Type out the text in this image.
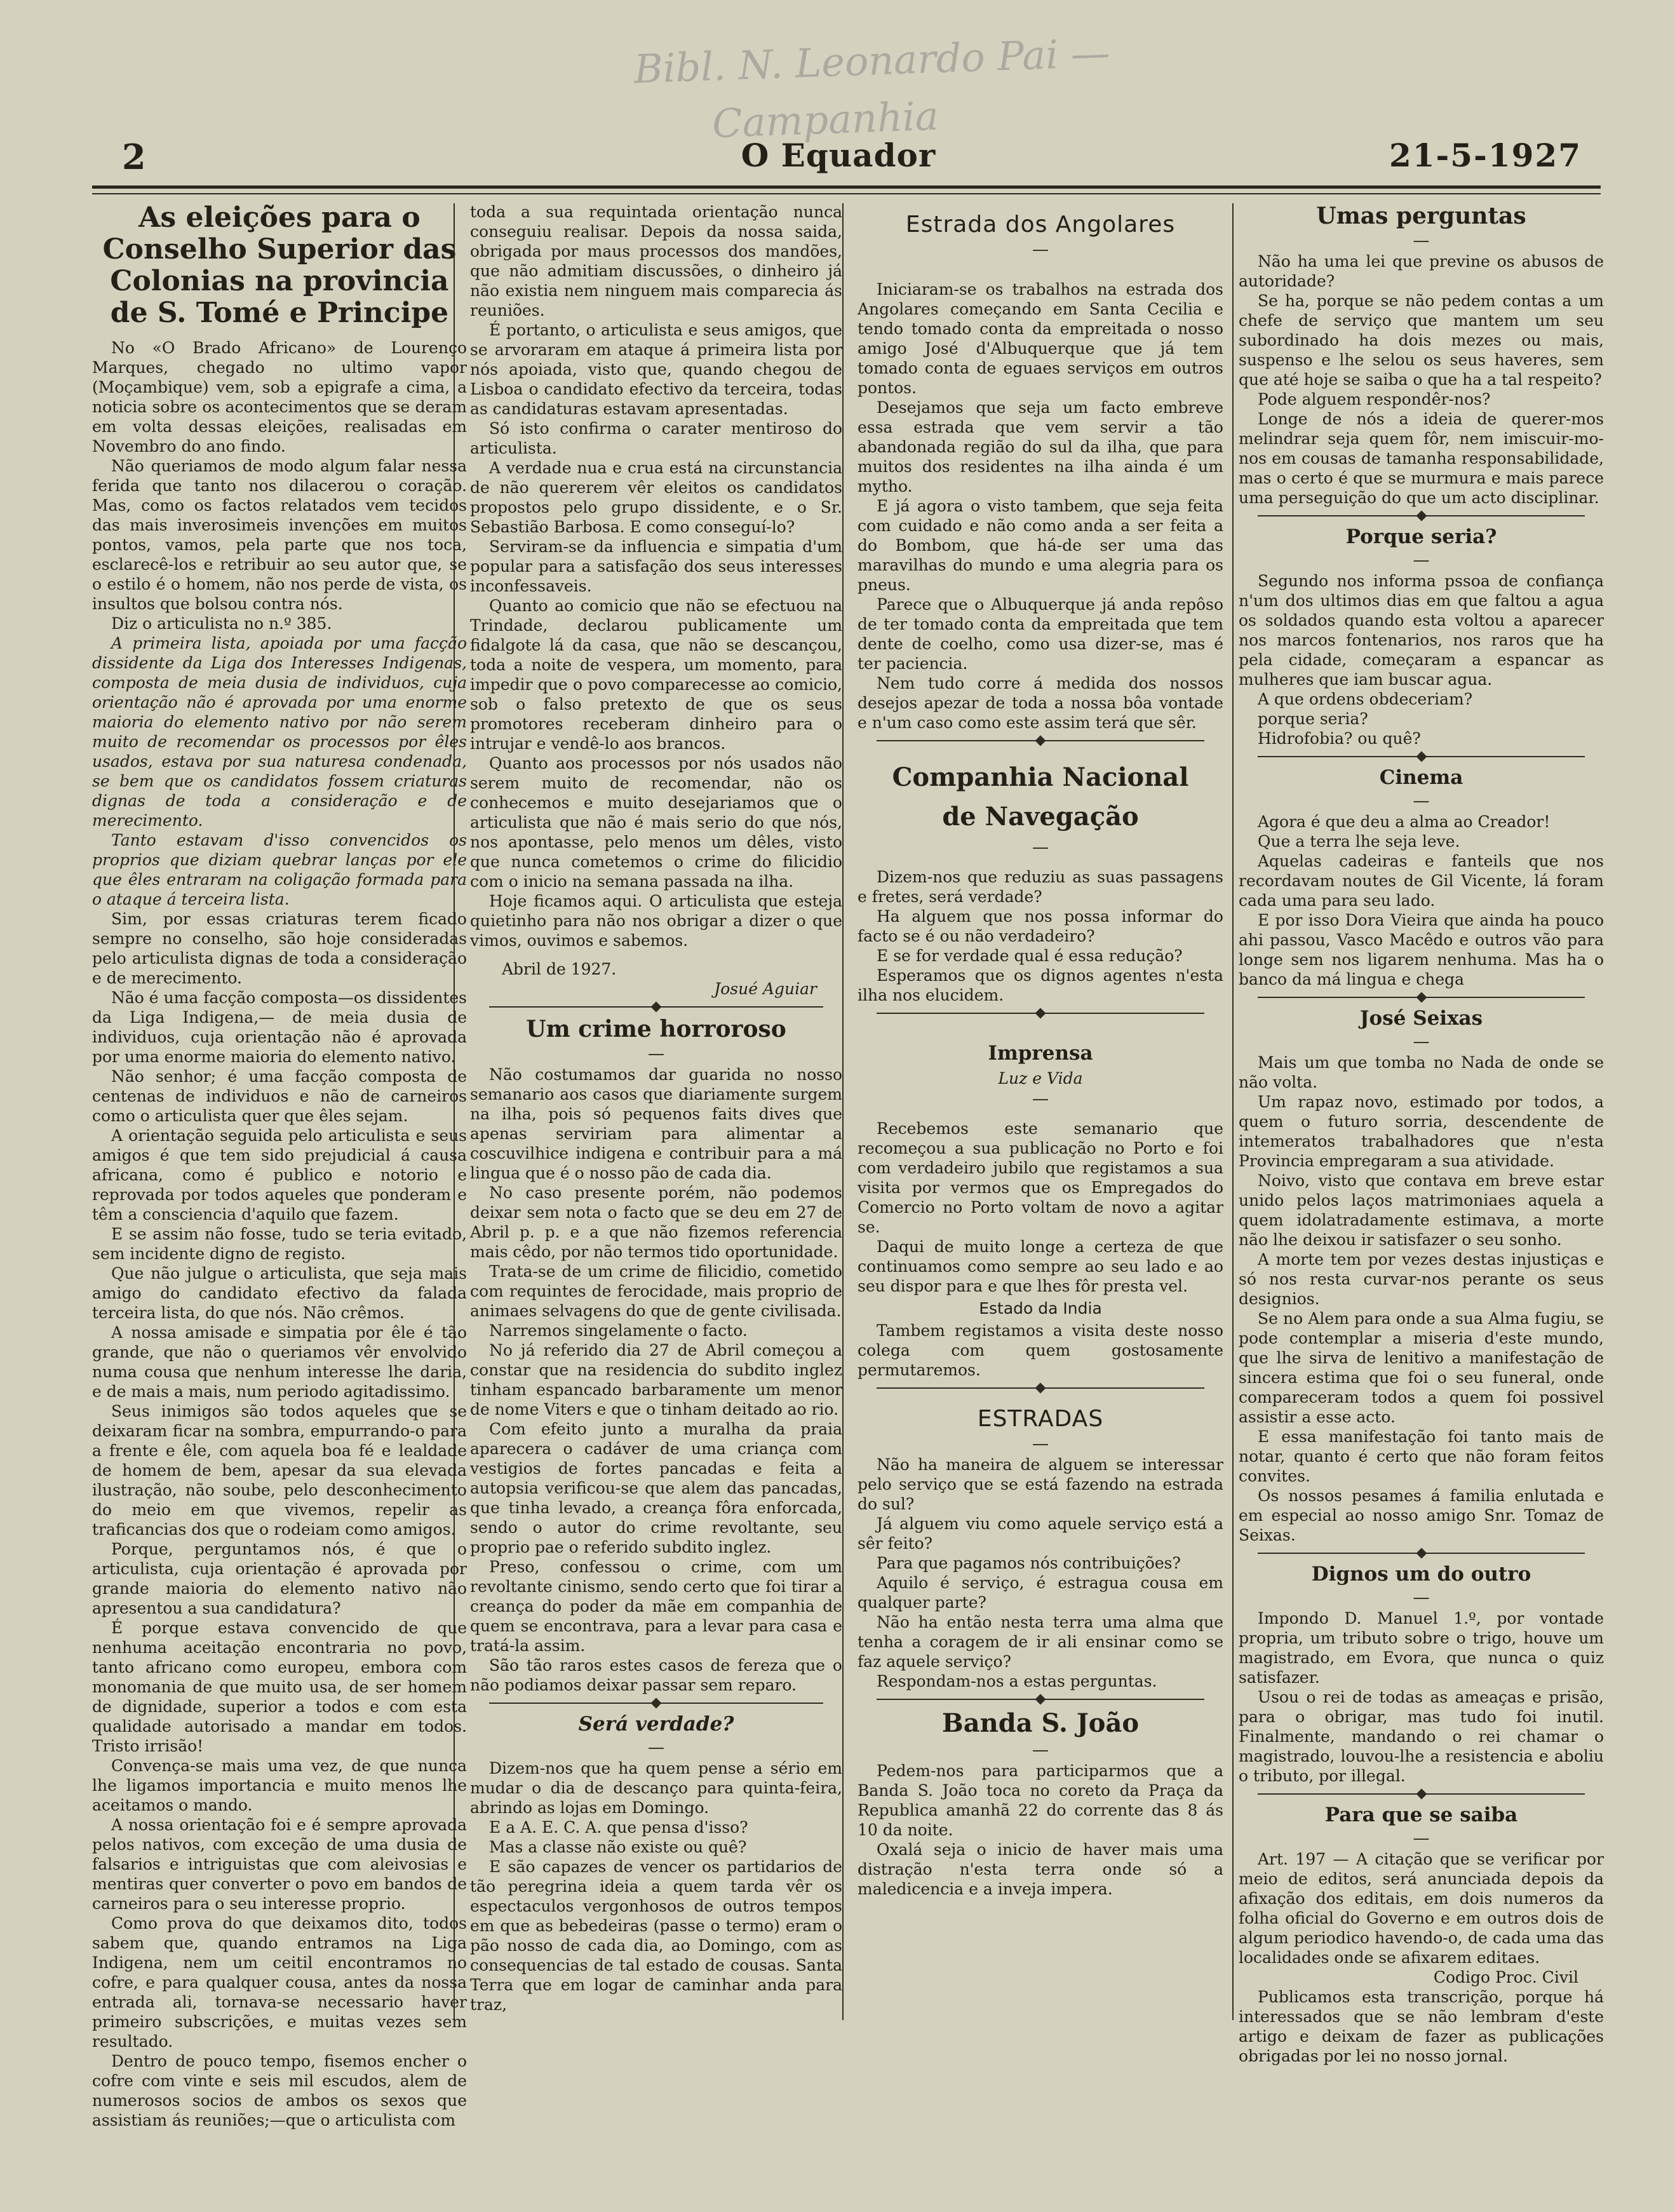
Bibl. N. Leonardo Pai —
Campanhia
2	O Equador	21-5-1927
As eleições para o Conselho Superior das Colonias na provincia de S. Tomé e Principe

No «O Brado Africano» de Lourenço Marques, chegado no ultimo vapor (Moçambique) vem, sob a epigrafe a cima, a noticia sobre os acontecimentos que se deram em volta dessas eleições, realisadas em Novembro do ano findo.

Não queriamos de modo algum falar nessa ferida que tanto nos dilacerou o coração. Mas, como os factos relatados vem tecidos das mais inverosimeis invenções em muitos pontos, vamos, pela parte que nos toca, esclarecê-los e retribuir ao seu autor que, se o estilo é o homem, não nos perde de vista, os insultos que bolsou contra nós.

Diz o articulista no n.º 385.

A primeira lista, apoiada por uma facção dissidente da Liga dos Interesses Indigenas, composta de meia dusia de individuos, cuja orientação não é aprovada por uma enorme maioria do elemento nativo por não serem muito de recomendar os processos por êles usados, estava por sua naturesa condenada, se bem que os candidatos fossem criaturas dignas de toda a consideração e de merecimento.

Tanto estavam d'isso convencidos os proprios que diziam quebrar lanças por ele que êles entraram na coligação formada para o ataque á terceira lista.

Sim, por essas criaturas terem ficado sempre no conselho, são hoje consideradas pelo articulista dignas de toda a consideração e de merecimento.

Não é uma facção composta—os dissidentes da Liga Indigena,— de meia dusia de individuos, cuja orientação não é aprovada por uma enorme maioria do elemento nativo.

Não senhor; é uma facção composta de centenas de individuos e não de carneiros como o articulista quer que êles sejam.

A orientação seguida pelo articulista e seus amigos é que tem sido prejudicial á causa africana, como é publico e notorio e reprovada por todos aqueles que ponderam e têm a consciencia d'aquilo que fazem.

E se assim não fosse, tudo se teria evitado, sem incidente digno de registo.

Que não julgue o articulista, que seja mais amigo do candidato efectivo da falada terceira lista, do que nós. Não crêmos.

A nossa amisade e simpatia por êle é tão grande, que não o queriamos vêr envolvido numa cousa que nenhum interesse lhe daria, e de mais a mais, num periodo agitadissimo.

Seus inimigos são todos aqueles que se deixaram ficar na sombra, empurrando-o para a frente e êle, com aquela boa fé e lealdade de homem de bem, apesar da sua elevada ilustração, não soube, pelo desconhecimento do meio em que vivemos, repelir as traficancias dos que o rodeiam como amigos.

Porque, perguntamos nós, é que o articulista, cuja orientação é aprovada por grande maioria do elemento nativo não apresentou a sua candidatura?

É porque estava convencido de que nenhuma aceitação encontraria no povo, tanto africano como europeu, embora com monomania de que muito usa, de ser homem de dignidade, superior a todos e com esta qualidade autorisado a mandar em todos. Tristo irrisão!

Convença-se mais uma vez, de que nunca lhe ligamos importancia e muito menos lhe aceitamos o mando.

A nossa orientação foi e é sempre aprovada pelos nativos, com exceção de uma dusia de falsarios e intriguistas que com aleivosias e mentiras quer converter o povo em bandos de carneiros para o seu interesse proprio.

Como prova do que deixamos dito, todos sabem que, quando entramos na Liga Indigena, nem um ceitil encontramos no cofre, e para qualquer cousa, antes da nossa entrada ali, tornava-se necessario haver primeiro subscrições, e muitas vezes sem resultado.

Dentro de pouco tempo, fisemos encher o cofre com vinte e seis mil escudos, alem de numerosos socios de ambos os sexos que assistiam ás reuniões;—que o articulista com

toda a sua requintada orientação nunca conseguiu realisar. Depois da nossa saida, obrigada por maus processos dos mandões, que não admitiam discussões, o dinheiro já não existia nem ninguem mais comparecia ás reuniões.

É portanto, o articulista e seus amigos, que se arvoraram em ataque á primeira lista por nós apoiada, visto que, quando chegou de Lisboa o candidato efectivo da terceira, todas as candidaturas estavam apresentadas.

Só isto confirma o carater mentiroso do articulista.

A verdade nua e crua está na circunstancia de não quererem vêr eleitos os candidatos propostos pelo grupo dissidente, e o Sr. Sebastião Barbosa. E como conseguí-lo?

Serviram-se da influencia e simpatia d'um popular para a satisfação dos seus interesses inconfessaveis.

Quanto ao comicio que não se efectuou na Trindade, declarou publicamente um fidalgote lá da casa, que não se descançou, toda a noite de vespera, um momento, para impedir que o povo comparecesse ao comicio, sob o falso pretexto de que os seus promotores receberam dinheiro para o intrujar e vendê-lo aos brancos.

Quanto aos processos por nós usados não serem muito de recomendar, não os conhecemos e muito desejariamos que o articulista que não é mais serio do que nós, nos apontasse, pelo menos um dêles, visto que nunca cometemos o crime do filicidio com o inicio na semana passada na ilha.

Hoje ficamos aqui. O articulista que esteja quietinho para não nos obrigar a dizer o que vimos, ouvimos e sabemos.

Abril de 1927.
Josué Aguiar
Um crime horroroso
—

Não costumamos dar guarida no nosso semanario aos casos que diariamente surgem na ilha, pois só pequenos faits dives que apenas serviriam para alimentar a coscuvilhice indigena e contribuir para a má lingua que é o nosso pão de cada dia.

No caso presente porém, não podemos deixar sem nota o facto que se deu em 27 de Abril p. p. e a que não fizemos referencia mais cêdo, por não termos tido oportunidade.

Trata-se de um crime de filicidio, cometido com requintes de ferocidade, mais proprio de animaes selvagens do que de gente civilisada.

Narremos singelamente o facto.

No já referido dia 27 de Abril começou a constar que na residencia do subdito inglez tinham espancado barbaramente um menor de nome Viters e que o tinham deitado ao rio.

Com efeito junto a muralha da praia aparecera o cadáver de uma criança com vestigios de fortes pancadas e feita a autopsia verificou-se que alem das pancadas, que tinha levado, a creança fôra enforcada, sendo o autor do crime revoltante, seu proprio pae o referido subdito inglez.

Preso, confessou o crime, com um revoltante cinismo, sendo certo que foi tirar a creança do poder da mãe em companhia de quem se encontrava, para a levar para casa e tratá-la assim.

São tão raros estes casos de fereza que o não podiamos deixar passar sem reparo.

Será verdade?
—

Dizem-nos que ha quem pense a sério em mudar o dia de descanço para quinta-feira, abrindo as lojas em Domingo.

E a A. E. C. A. que pensa d'isso?

Mas a classe não existe ou quê?

E são capazes de vencer os partidarios de tão peregrina ideia a quem tarda vêr os espectaculos vergonhosos de outros tempos em que as bebedeiras (passe o termo) eram o pão nosso de cada dia, ao Domingo, com as consequencias de tal estado de cousas. Santa Terra que em logar de caminhar anda para traz,

Estrada dos Angolares
—

Iniciaram-se os trabalhos na estrada dos Angolares começando em Santa Cecilia e tendo tomado conta da empreitada o nosso amigo José d'Albuquerque que já tem tomado conta de eguaes serviços em outros pontos.

Desejamos que seja um facto embreve essa estrada que vem servir a tão abandonada região do sul da ilha, que para muitos dos residentes na ilha ainda é um mytho.

E já agora o visto tambem, que seja feita com cuidado e não como anda a ser feita a do Bombom, que há-de ser uma das maravilhas do mundo e uma alegria para os pneus.

Parece que o Albuquerque já anda repôso de ter tomado conta da empreitada que tem dente de coelho, como usa dizer-se, mas é ter paciencia.

Nem tudo corre á medida dos nossos desejos apezar de toda a nossa bôa vontade e n'um caso como este assim terá que sêr.

Companhia Nacional
de Navegação
—

Dizem-nos que reduziu as suas passagens e fretes, será verdade?

Ha alguem que nos possa informar do facto se é ou não verdadeiro?

E se for verdade qual é essa redução?

Esperamos que os dignos agentes n'esta ilha nos elucidem.

Imprensa
Luz e Vida
—

Recebemos este semanario que recomeçou a sua publicação no Porto e foi com verdadeiro jubilo que registamos a sua visita por vermos que os Empregados do Comercio no Porto voltam de novo a agitar se.

Daqui de muito longe a certeza de que continuamos como sempre ao seu lado e ao seu dispor para e que lhes fôr presta vel.

Estado da India

Tambem registamos a visita deste nosso colega com quem gostosamente permutaremos.

ESTRADAS
—

Não ha maneira de alguem se interessar pelo serviço que se está fazendo na estrada do sul?

Já alguem viu como aquele serviço está a sêr feito?

Para que pagamos nós contribuições?

Aquilo é serviço, é estragua cousa em qualquer parte?

Não ha então nesta terra uma alma que tenha a coragem de ir ali ensinar como se faz aquele serviço?

Respondam-nos a estas perguntas.

Banda S. João
—

Pedem-nos para participarmos que a Banda S. João toca no coreto da Praça da Republica amanhã 22 do corrente das 8 ás 10 da noite.

Oxalá seja o inicio de haver mais uma distração n'esta terra onde só a maledicencia e a inveja impera.

Umas perguntas
—

Não ha uma lei que previne os abusos de autoridade?

Se ha, porque se não pedem contas a um chefe de serviço que mantem um seu subordinado ha dois mezes ou mais, suspenso e lhe selou os seus haveres, sem que até hoje se saiba o que ha a tal respeito?

Pode alguem respondêr-nos?

Longe de nós a ideia de querer-mos melindrar seja quem fôr, nem imiscuir-mo-nos em cousas de tamanha responsabilidade, mas o certo é que se murmura e mais parece uma perseguição do que um acto disciplinar.

Porque seria?
—

Segundo nos informa pssoa de confiança n'um dos ultimos dias em que faltou a agua os soldados quando esta voltou a aparecer nos marcos fontenarios, nos raros que ha pela cidade, começaram a espancar as mulheres que iam buscar agua.

A que ordens obdeceriam?

porque seria?

Hidrofobia? ou quê?

Cinema
—

Agora é que deu a alma ao Creador!

Que a terra lhe seja leve.

Aquelas cadeiras e fanteils que nos recordavam noutes de Gil Vicente, lá foram cada uma para seu lado.

E por isso Dora Vieira que ainda ha pouco ahi passou, Vasco Macêdo e outros vão para longe sem nos ligarem nenhuma. Mas ha o banco da má lingua e chega

José Seixas
—

Mais um que tomba no Nada de onde se não volta.

Um rapaz novo, estimado por todos, a quem o futuro sorria, descendente de intemeratos trabalhadores que n'esta Provincia empregaram a sua atividade.

Noivo, visto que contava em breve estar unido pelos laços matrimoniaes aquela a quem idolatradamente estimava, a morte não lhe deixou ir satisfazer o seu sonho.

A morte tem por vezes destas injustiças e só nos resta curvar-nos perante os seus designios.

Se no Alem para onde a sua Alma fugiu, se pode contemplar a miseria d'este mundo, que lhe sirva de lenitivo a manifestação de sincera estima que foi o seu funeral, onde compareceram todos a quem foi possivel assistir a esse acto.

E essa manifestação foi tanto mais de notar, quanto é certo que não foram feitos convites.

Os nossos pesames á familia enlutada e em especial ao nosso amigo Snr. Tomaz de Seixas.

Dignos um do outro
—

Impondo D. Manuel 1.º, por vontade propria, um tributo sobre o trigo, houve um magistrado, em Evora, que nunca o quiz satisfazer.

Usou o rei de todas as ameaças e prisão, para o obrigar, mas tudo foi inutil. Finalmente, mandando o rei chamar o magistrado, louvou-lhe a resistencia e aboliu o tributo, por illegal.

Para que se saiba
—

Art. 197 — A citação que se verificar por meio de editos, será anunciada depois da afixação dos editais, em dois numeros da folha oficial do Governo e em outros dois de algum periodico havendo-o, de cada uma das localidades onde se afixarem editaes.

Codigo Proc. Civil

Publicamos esta transcrição, porque há interessados que se não lembram d'este artigo e deixam de fazer as publicações obrigadas por lei no nosso jornal.
